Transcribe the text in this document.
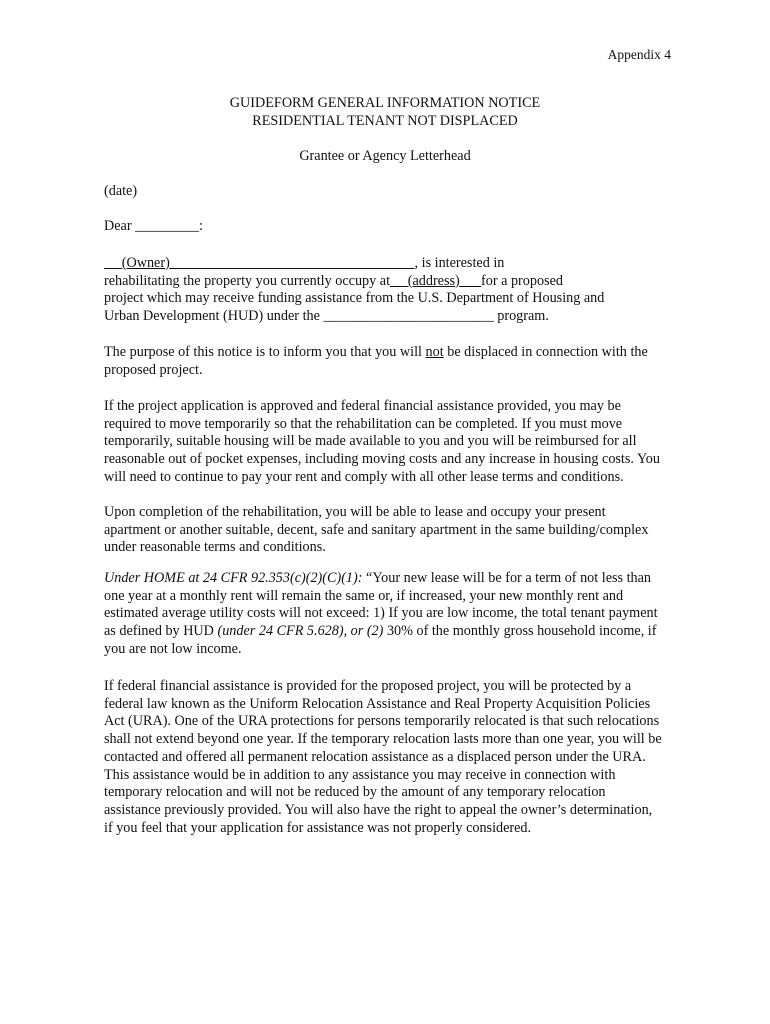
Appendix 4
GUIDEFORM GENERAL INFORMATION NOTICE
RESIDENTIAL TENANT NOT DISPLACED
Grantee or Agency Letterhead
(date)
Dear _________:
(Owner)	, is interested in
rehabilitating the property you currently occupy at (address) for a proposed
project which may receive funding assistance from the U.S. Department of Housing and
Urban Development (HUD) under the ________________________ program.

The purpose of this notice is to inform you that you will not be displaced in connection with the proposed project.

If the project application is approved and federal financial assistance provided, you may be required to move temporarily so that the rehabilitation can be completed. If you must move temporarily, suitable housing will be made available to you and you will be reimbursed for all reasonable out of pocket expenses, including moving costs and any increase in housing costs. You will need to continue to pay your rent and comply with all other lease terms and conditions.

Upon completion of the rehabilitation, you will be able to lease and occupy your present apartment or another suitable, decent, safe and sanitary apartment in the same building/complex under reasonable terms and conditions.

Under HOME at 24 CFR 92.353(c)(2)(C)(1): “Your new lease will be for a term of not less than one year at a monthly rent will remain the same or, if increased, your new monthly rent and estimated average utility costs will not exceed: 1) If you are low income, the total tenant payment as defined by HUD (under 24 CFR 5.628), or (2) 30% of the monthly gross household income, if you are not low income.

If federal financial assistance is provided for the proposed project, you will be protected by a federal law known as the Uniform Relocation Assistance and Real Property Acquisition Policies Act (URA). One of the URA protections for persons temporarily relocated is that such relocations shall not extend beyond one year. If the temporary relocation lasts more than one year, you will be contacted and offered all permanent relocation assistance as a displaced person under the URA. This assistance would be in addition to any assistance you may receive in connection with temporary relocation and will not be reduced by the amount of any temporary relocation assistance previously provided. You will also have the right to appeal the owner’s determination, if you feel that your application for assistance was not properly considered.
